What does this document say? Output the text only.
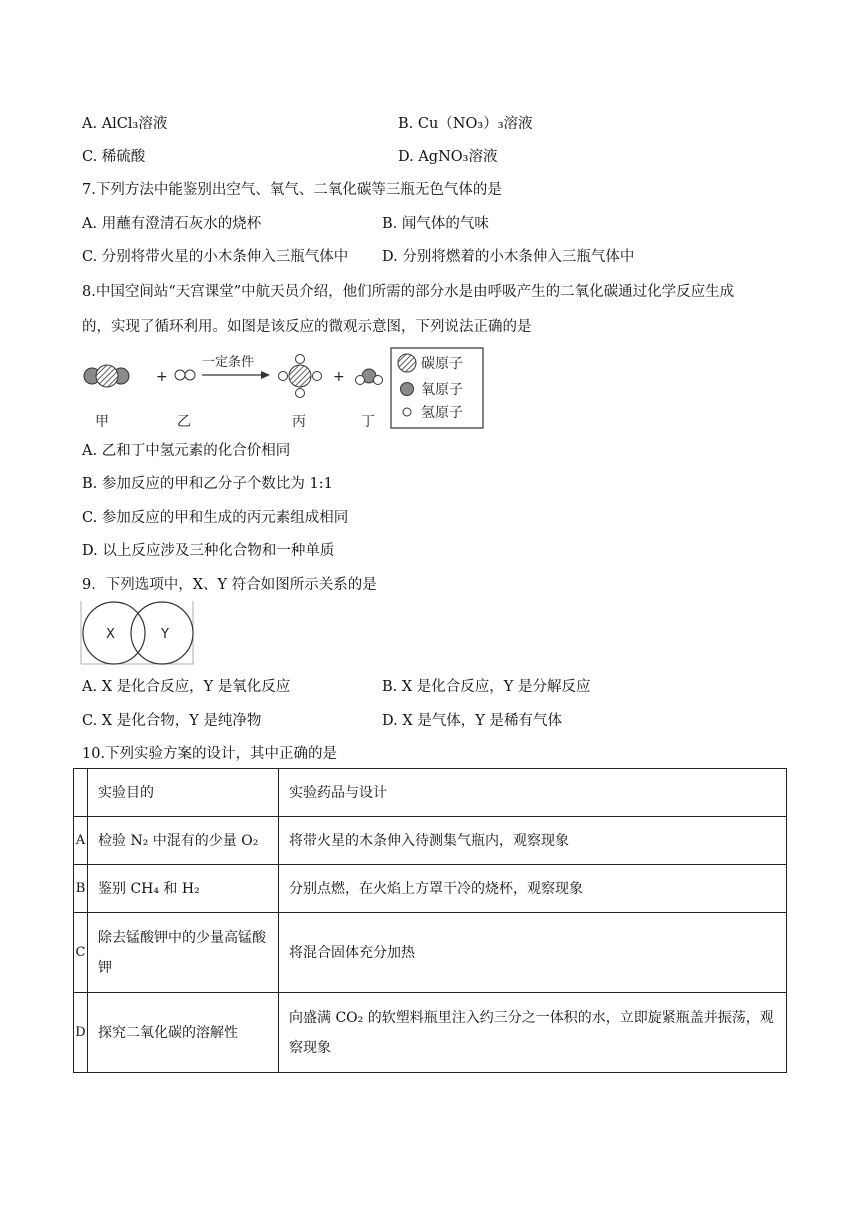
A. AlCl₃溶液	B. Cu（NO₃）₃溶液
C. 稀硫酸	D. AgNO₃溶液
7.下列方法中能鉴别出空气、氧气、二氧化碳等三瓶无色气体的是
A. 用蘸有澄清石灰水的烧杯	B. 闻气体的气味
C. 分别将带火星的小木条伸入三瓶气体中 D. 分别将燃着的小木条伸入三瓶气体中
8.中国空间站“天宫课堂”中航天员介绍，他们所需的部分水是由呼吸产生的二氧化碳通过化学反应生成
的，实现了循环利用。如图是该反应的微观示意图，下列说法正确的是
+
一定条件
+
甲	乙	丙	丁
碳原子
氧原子
氢原子
A. 乙和丁中氢元素的化合价相同
B. 参加反应的甲和乙分子个数比为 1:1
C. 参加反应的甲和生成的丙元素组成相同
D. 以上反应涉及三种化合物和一种单质
9．下列选项中，X、Y 符合如图所示关系的是
X	Y
A. X 是化合反应，Y 是氧化反应	B. X 是化合反应，Y 是分解反应
C. X 是化合物，Y 是纯净物	D. X 是气体，Y 是稀有气体
10.下列实验方案的设计，其中正确的是
	实验目的	实验药品与设计
A	检验 N₂ 中混有的少量 O₂	将带火星的木条伸入待测集气瓶内，观察现象
B	鉴别 CH₄ 和 H₂	分别点燃，在火焰上方罩干冷的烧杯，观察现象
C	除去锰酸钾中的少量高锰酸钾	将混合固体充分加热
D	探究二氧化碳的溶解性	向盛满 CO₂ 的软塑料瓶里注入约三分之一体积的水，立即旋紧瓶盖并振荡，观察现象
